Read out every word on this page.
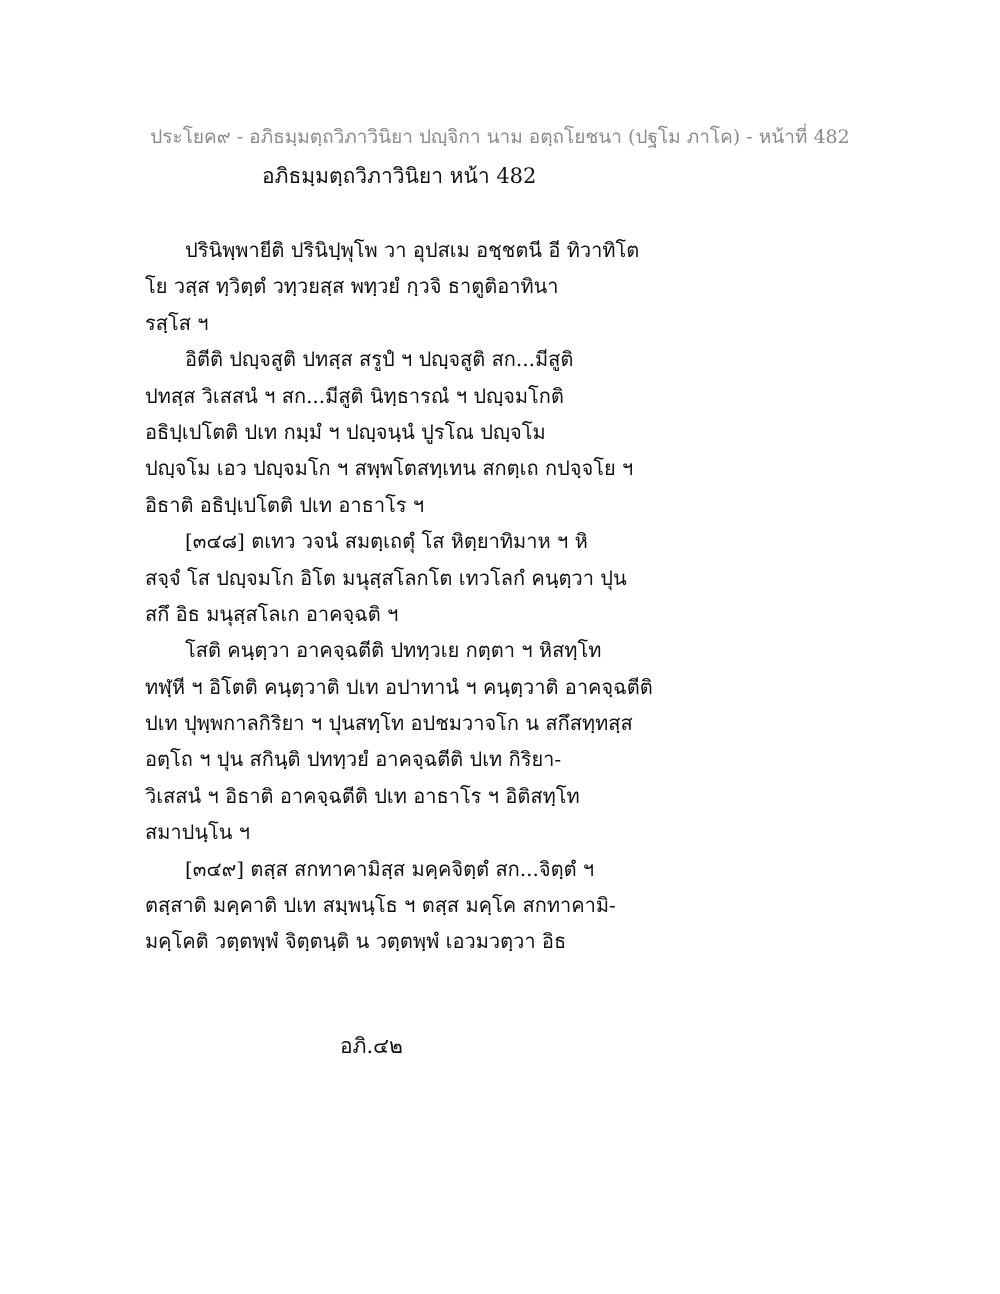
ประโยค๙ - อภิธมฺมตฺถวิภาวินิยา ปญฺจิกา นาม อตฺถโยชนา (ปฐโม ภาโค) - หน้าที่ 482
อภิธมฺมตฺถวิภาวินิยา หน้า 482
ปรินิพฺพายีติ ปรินิปฺพุโพ วา อุปสเม อชฺชตนี อี ทิวาทิโต
โย วสฺส ทฺวิตฺตํ วทฺวยสฺส พทฺวยํ กฺวจิ ธาตูติอาทินา
รสฺโส ฯ
อิตีติ ปญฺจสูติ ปทสฺส สรูปํ ฯ ปญฺจสูติ สก...มีสูติ
ปทสฺส วิเสสนํ ฯ สก...มีสูติ นิทฺธารณํ ฯ ปญฺจมโกติ
อธิปฺเปโตติ ปเท กมฺมํ ฯ ปญฺจนฺนํ ปูรโณ ปญฺจโม
ปญฺจโม เอว ปญฺจมโก ฯ สพฺพโตสทฺเทน สกตฺเถ กปจฺจโย ฯ
อิธาติ อธิปฺเปโตติ ปเท อาธาโร ฯ
[๓๔๘] ตเทว วจนํ สมตฺเถตุํ โส หิตฺยาทิมาห ฯ หิ
สจฺจํ โส ปญฺจมโก อิโต มนุสฺสโลกโต เทวโลกํ คนฺตฺวา ปุน
สกึ อิธ มนุสฺสโลเก อาคจฺฉติ ฯ
โสติ คนฺตฺวา อาคจฺฉตีติ ปททฺวเย กตฺตา ฯ หิสทฺโท
ทฬฺหี ฯ อิโตติ คนฺตฺวาติ ปเท อปาทานํ ฯ คนฺตฺวาติ อาคจฺฉตีติ
ปเท ปุพฺพกาลกิริยา ฯ ปุนสทฺโท อปชมวาจโก น สกึสทฺทสฺส
อตฺโถ ฯ ปุน สกินฺติ ปททฺวยํ อาคจฺฉตีติ ปเท กิริยา-
วิเสสนํ ฯ อิธาติ อาคจฺฉตีติ ปเท อาธาโร ฯ อิติสทฺโท
สมาปนฺโน ฯ
[๓๔๙] ตสฺส สกทาคามิสฺส มคฺคจิตฺตํ สก...จิตฺตํ ฯ
ตสฺสาติ มคฺคาติ ปเท สมฺพนฺโธ ฯ ตสฺส มคฺโค สกทาคามิ-
มคฺโคติ วตฺตพฺพํ จิตฺตนฺติ น วตฺตพฺพํ เอวมวตฺวา อิธ
อภิ.๔๒
